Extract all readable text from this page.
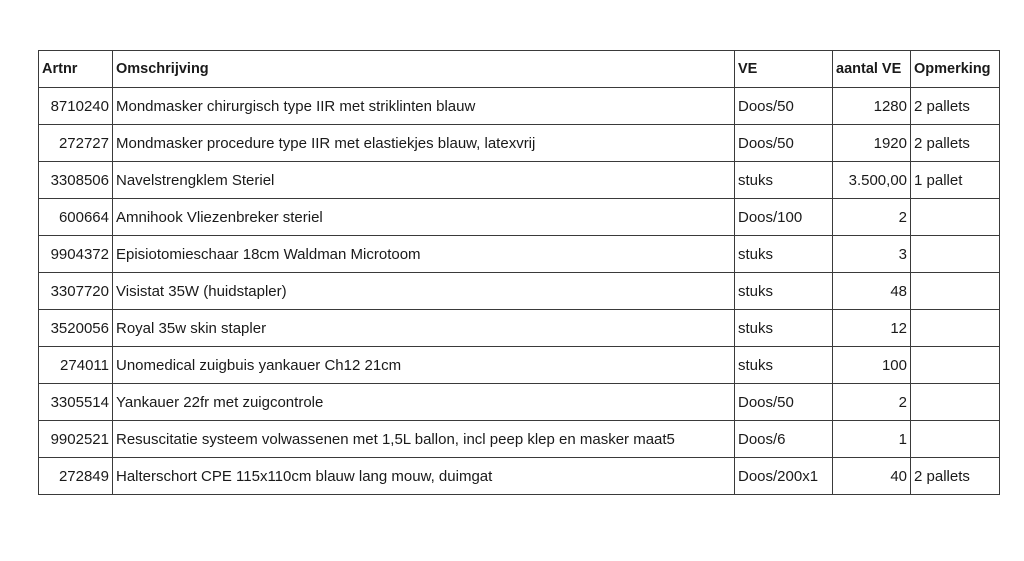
Artnr	Omschrijving	VE	aantal VE	Opmerking
8710240	Mondmasker chirurgisch type IIR met striklinten blauw	Doos/50	1280	2 pallets
272727	Mondmasker procedure type IIR met elastiekjes blauw, latexvrij	Doos/50	1920	2 pallets
3308506	Navelstrengklem Steriel	stuks	3.500,00	1 pallet
600664	Amnihook Vliezenbreker steriel	Doos/100	2	
9904372	Episiotomieschaar 18cm Waldman Microtoom	stuks	3	
3307720	Visistat 35W (huidstapler)	stuks	48	
3520056	Royal 35w skin stapler	stuks	12	
274011	Unomedical zuigbuis yankauer Ch12 21cm	stuks	100	
3305514	Yankauer 22fr met zuigcontrole	Doos/50	2	
9902521	Resuscitatie systeem volwassenen met 1,5L ballon, incl peep klep en masker maat5	Doos/6	1	
272849	Halterschort CPE 115x110cm blauw lang mouw, duimgat	Doos/200x1	40	2 pallets
